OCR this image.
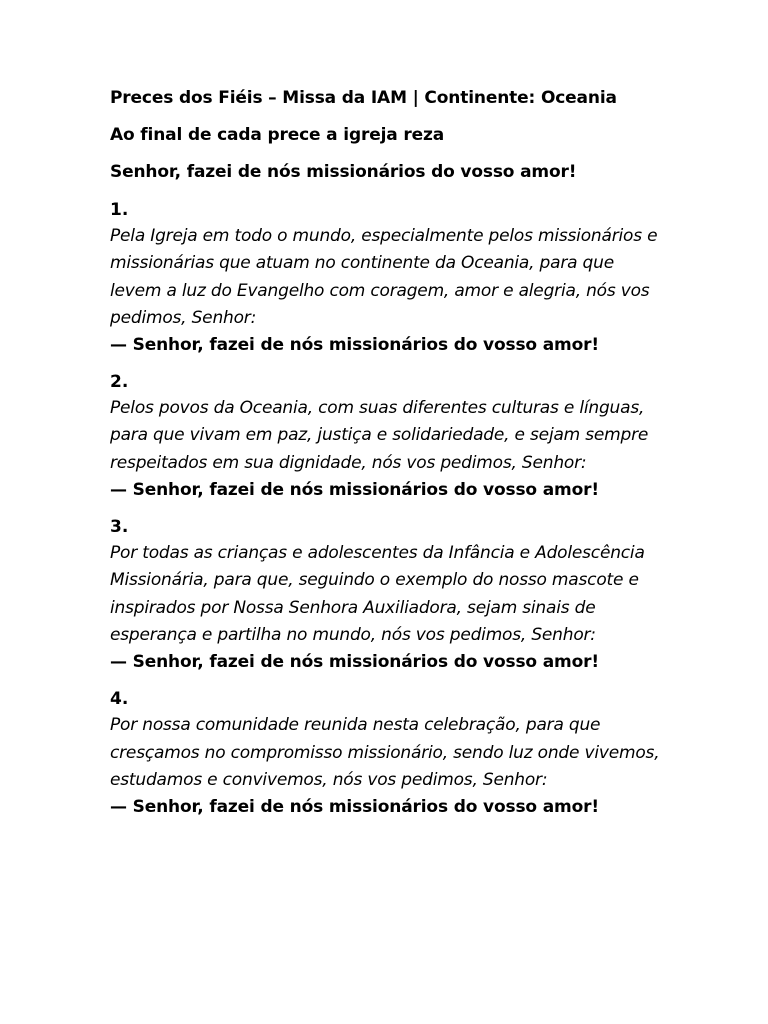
Preces dos Fiéis – Missa da IAM | Continente: Oceania

Ao final de cada prece a igreja reza

Senhor, fazei de nós missionários do vosso amor!

1.
Pela Igreja em todo o mundo, especialmente pelos missionários e missionárias que atuam no continente da Oceania, para que levem a luz do Evangelho com coragem, amor e alegria, nós vos pedimos, Senhor:
— Senhor, fazei de nós missionários do vosso amor!
2.
Pelos povos da Oceania, com suas diferentes culturas e línguas, para que vivam em paz, justiça e solidariedade, e sejam sempre respeitados em sua dignidade, nós vos pedimos, Senhor:
— Senhor, fazei de nós missionários do vosso amor!
3.
Por todas as crianças e adolescentes da Infância e Adolescência Missionária, para que, seguindo o exemplo do nosso mascote e inspirados por Nossa Senhora Auxiliadora, sejam sinais de esperança e partilha no mundo, nós vos pedimos, Senhor:
— Senhor, fazei de nós missionários do vosso amor!
4.
Por nossa comunidade reunida nesta celebração, para que cresçamos no compromisso missionário, sendo luz onde vivemos, estudamos e convivemos, nós vos pedimos, Senhor:
— Senhor, fazei de nós missionários do vosso amor!
